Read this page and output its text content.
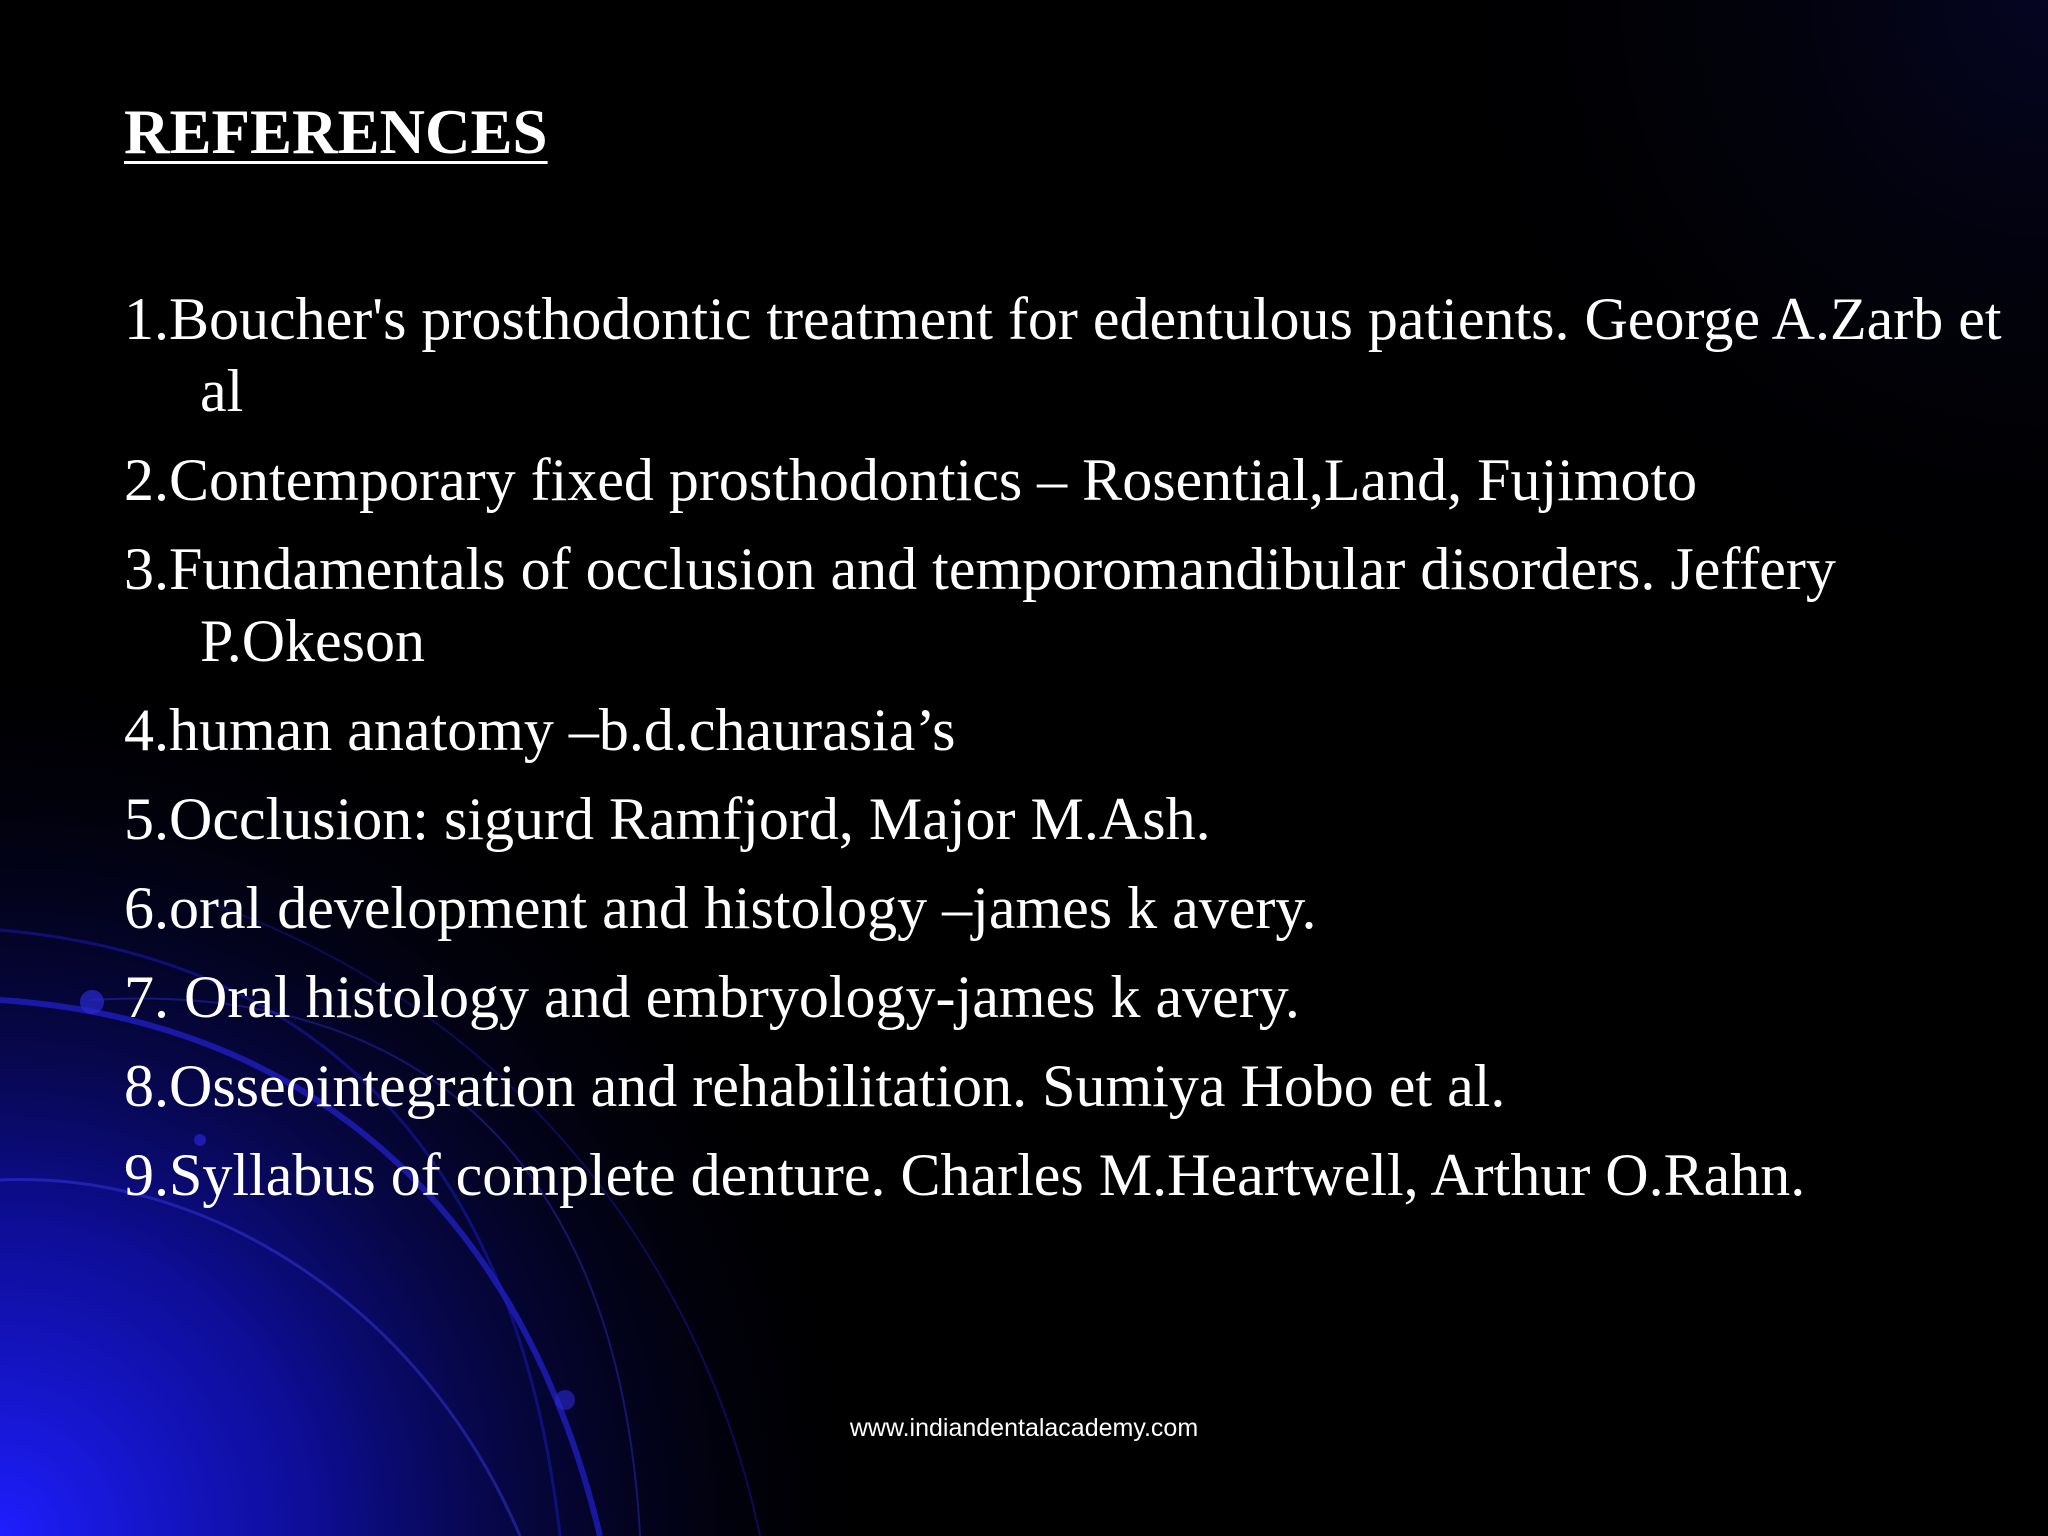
REFERENCES
1.Boucher's prosthodontic treatment for edentulous patients. George A.Zarb et al
2.Contemporary fixed prosthodontics – Rosential,Land, Fujimoto
3.Fundamentals of occlusion and temporomandibular disorders. Jeffery P.Okeson
4.human anatomy –b.d.chaurasia’s
5.Occlusion: sigurd Ramfjord, Major M.Ash.
6.oral development and histology –james k avery.
7. Oral histology and embryology-james k avery.
8.Osseointegration and rehabilitation. Sumiya Hobo et al.
9.Syllabus of complete denture. Charles M.Heartwell, Arthur O.Rahn.
www.indiandentalacademy.com
